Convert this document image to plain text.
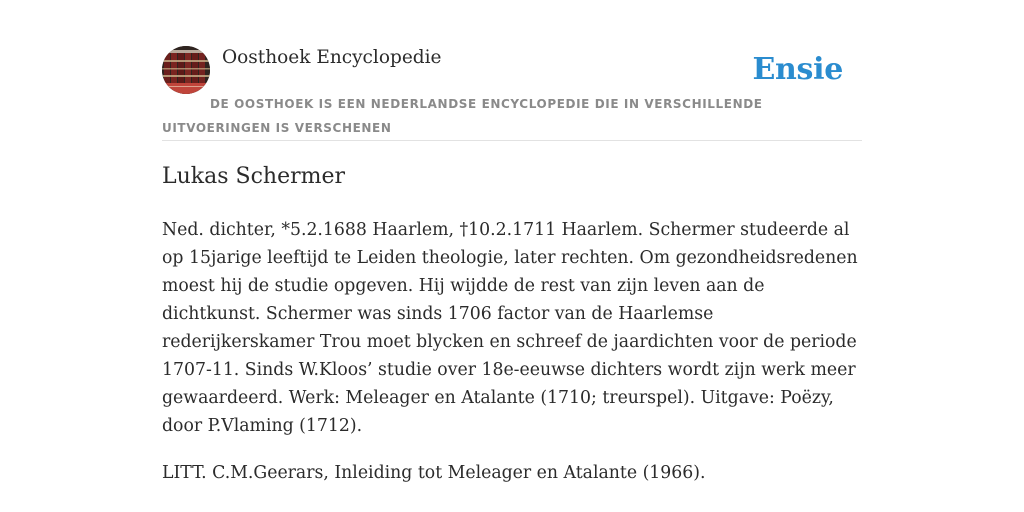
Oosthoek Encyclopedie	Ensie
DE OOSTHOEK IS EEN NEDERLANDSE ENCYCLOPEDIE DIE IN VERSCHILLENDE UITVOERINGEN IS VERSCHENEN
Lukas Schermer

Ned. dichter, *5.2.1688 Haarlem, †10.2.1711 Haarlem. Schermer studeerde al op 15jarige leeftijd te Leiden theologie, later rechten. Om gezondheidsredenen moest hij de studie opgeven. Hij wijdde de rest van zijn leven aan de dichtkunst. Schermer was sinds 1706 factor van de Haarlemse rederijkerskamer Trou moet blycken en schreef de jaardichten voor de periode 1707-11. Sinds W.Kloos’ studie over 18e-eeuwse dichters wordt zijn werk meer gewaardeerd. Werk: Meleager en Atalante (1710; treurspel). Uitgave: Poëzy, door P.Vlaming (1712).

LITT. C.M.Geerars, Inleiding tot Meleager en Atalante (1966).
